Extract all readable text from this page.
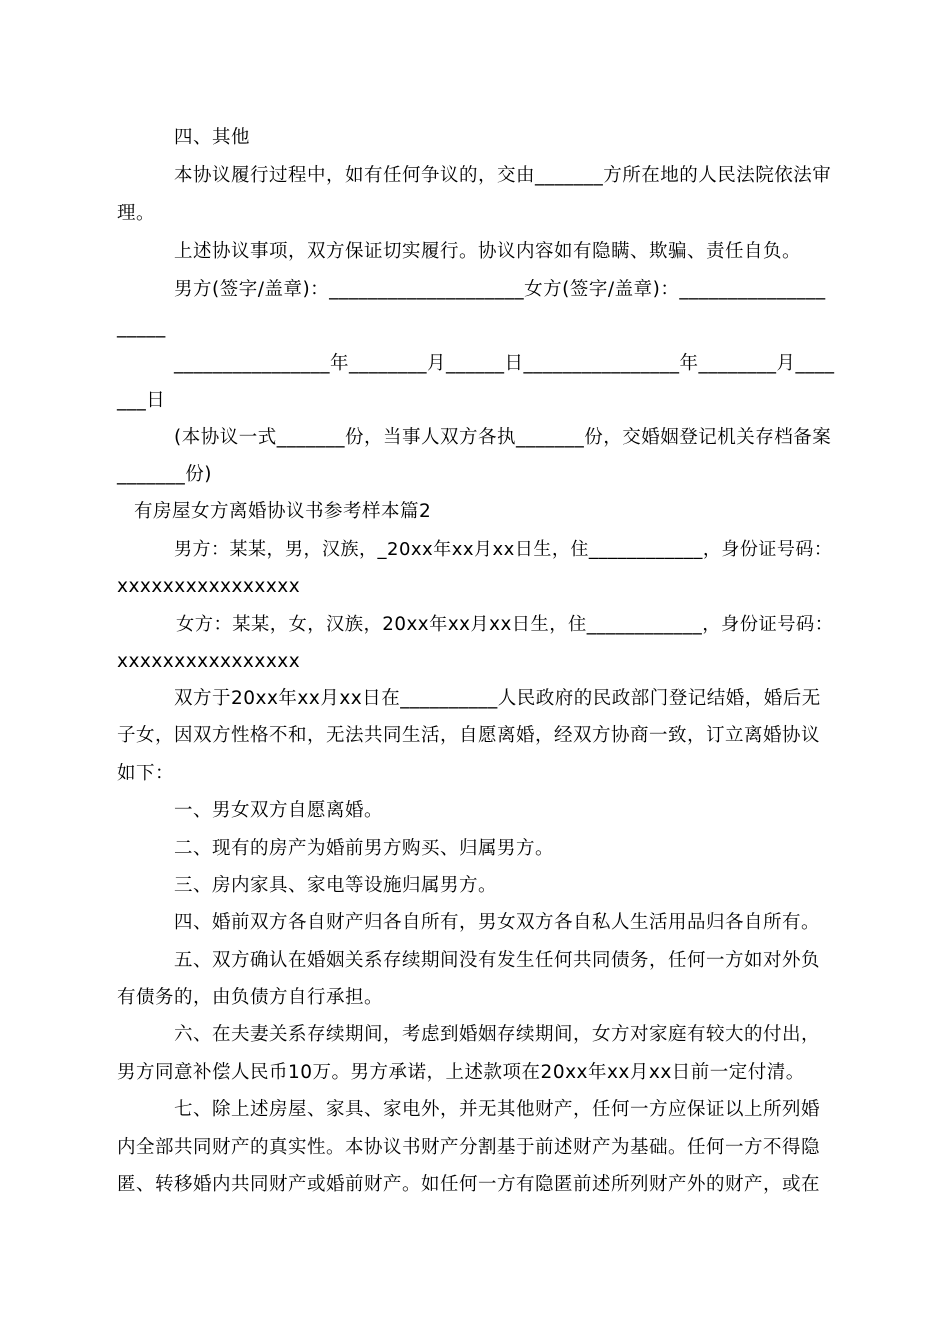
四、其他
本协议履行过程中，如有任何争议的，交由_______方所在地的人民法院依法审
理。
上述协议事项，双方保证切实履行。协议内容如有隐瞒、欺骗、责任自负。
男方(签字/盖章)：____________________女方(签字/盖章)：_______________
_____
________________年________月______日________________年________月____
___日
(本协议一式_______份，当事人双方各执_______份，交婚姻登记机关存档备案
_______份)
有房屋女方离婚协议书参考样本篇2
男方：某某，男，汉族，_20xx年xx月xx日生，住____________，身份证号码：
xxxxxxxxxxxxxxxx
女方：某某，女，汉族，20xx年xx月xx日生，住____________，身份证号码：
xxxxxxxxxxxxxxxx
双方于20xx年xx月xx日在__________人民政府的民政部门登记结婚，婚后无
子女，因双方性格不和，无法共同生活，自愿离婚，经双方协商一致，订立离婚协议
如下：
一、男女双方自愿离婚。
二、现有的房产为婚前男方购买、归属男方。
三、房内家具、家电等设施归属男方。
四、婚前双方各自财产归各自所有，男女双方各自私人生活用品归各自所有。
五、双方确认在婚姻关系存续期间没有发生任何共同债务，任何一方如对外负
有债务的，由负债方自行承担。
六、在夫妻关系存续期间，考虑到婚姻存续期间，女方对家庭有较大的付出，
男方同意补偿人民币10万。男方承诺，上述款项在20xx年xx月xx日前一定付清。
七、除上述房屋、家具、家电外，并无其他财产，任何一方应保证以上所列婚
内全部共同财产的真实性。本协议书财产分割基于前述财产为基础。任何一方不得隐
匿、转移婚内共同财产或婚前财产。如任何一方有隐匿前述所列财产外的财产，或在
